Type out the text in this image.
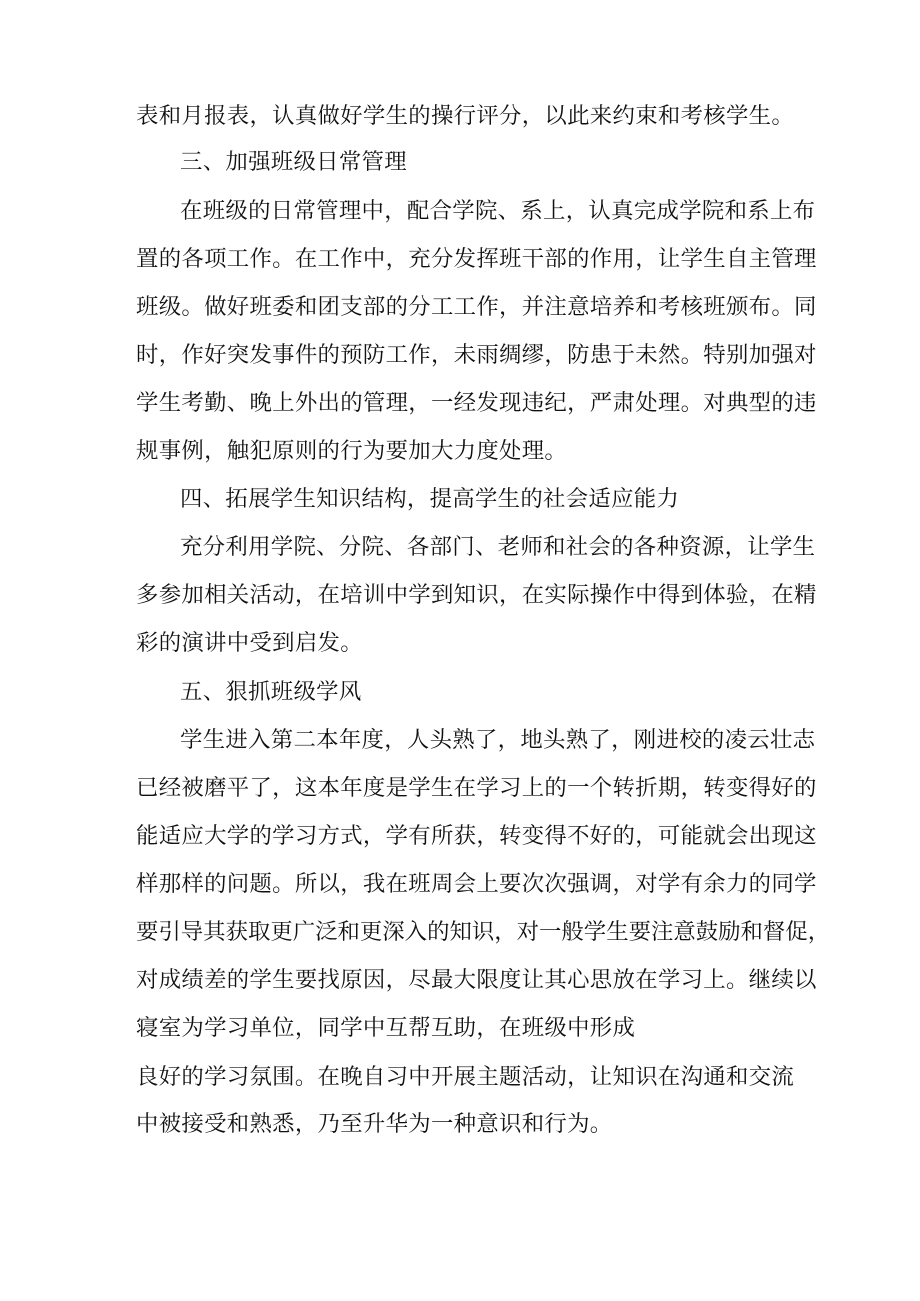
表和月报表，认真做好学生的操行评分，以此来约束和考核学生。
三、加强班级日常管理
在班级的日常管理中，配合学院、系上，认真完成学院和系上布
置的各项工作。在工作中，充分发挥班干部的作用，让学生自主管理
班级。做好班委和团支部的分工工作，并注意培养和考核班颁布。同
时，作好突发事件的预防工作，未雨绸缪，防患于未然。特别加强对
学生考勤、晚上外出的管理，一经发现违纪，严肃处理。对典型的违
规事例，触犯原则的行为要加大力度处理。
四、拓展学生知识结构，提高学生的社会适应能力
充分利用学院、分院、各部门、老师和社会的各种资源，让学生
多参加相关活动，在培训中学到知识，在实际操作中得到体验，在精
彩的演讲中受到启发。
五、狠抓班级学风
学生进入第二本年度，人头熟了，地头熟了，刚进校的凌云壮志
已经被磨平了，这本年度是学生在学习上的一个转折期，转变得好的
能适应大学的学习方式，学有所获，转变得不好的，可能就会出现这
样那样的问题。所以，我在班周会上要次次强调，对学有余力的同学
要引导其获取更广泛和更深入的知识，对一般学生要注意鼓励和督促，
对成绩差的学生要找原因，尽最大限度让其心思放在学习上。继续以
寝室为学习单位，同学中互帮互助，在班级中形成
良好的学习氛围。在晚自习中开展主题活动，让知识在沟通和交流
中被接受和熟悉，乃至升华为一种意识和行为。
